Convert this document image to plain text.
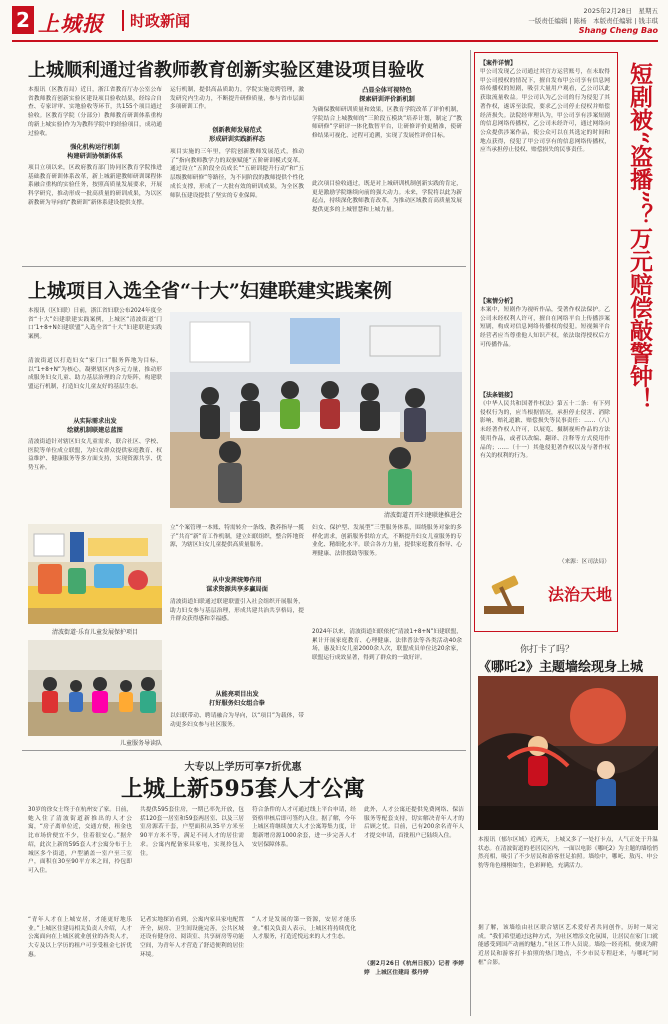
2 上城报	时政新闻
2025年2月28日　星期五
一版责任编辑 | 陈杨　本版责任编辑 | 钱丰琪
Shang Cheng Bao
上城顺利通过省教师教育创新实验区建设项目验收
本报讯（区教育局）近日，浙江省教育厅办公室公布省教师教育创新实验区建设项目验收结果，经综合自查、专家评审、实地验收等环节，共155个项目通过验收。区教育学院（分部分）教师教育研训体系重构的新上城实验)作为为教科学院中的经验项目，成功通过验收。
强化机构运行机制
构建研训协领新体系
项目立项以来，区政府教育部门协同区教育学院推进基础教育研训体系改革，新上城新建教师研训课程体系融合重构的实验任务，按照高质量发展要求，开展科学研究，推动形成一批高质量的研训成果，为以区新教研为导向的“教研训”新体系建设提供支撑。
运行机制，提供高品质助力，学院实施竞聘管理，激发研究内生动力，不断提升研修质量，参与省市层面多项研训工作。
创新教师发展范式
形成研训实践新样态
项目实施的三年里，学院创新教师发展范式，推动了“指向教师教学力的双驱赋能”五阶研训模式变革。通过设立“五阶段全员成长”“五研训提升行动”和“五层级教师研修”等路径，为不同阶段的教师提供个性化成长支撑，形成了一大批有效的研训成果，为全区教师队伍建设提供了坚实的专业保障。
凸显全体可视特色
探索研训评价新机制
为确保教师研训质量和效果，区教育学院改革了评价机制，学院结合上城教师的“三阶段五模块”培养计划，制定了“教师研修”学研评一体化数智平台，让研修评价更精准，使研修结果可视化、过程可追溯，实现了发展性评价目标。
此次项目验收通过，既是对上城研训机制创新实践的肯定，更是激励学院继续向前的强大动力。未来，学院将以此为新起点，持续深化教师教育改革，为推动区域教育高质量发展提供更多的上城智慧和上城力量。
上城项目入选全省“十大”妇建联建实践案例
本报讯（区妇联）日前，浙江省妇联公布2024年度全省“十大”妇建联建实践案例，上城区“清波街道‘门口’1+8+N妇建联盟”入选全省“十大”妇建联建实践案例。
清波街道以打造妇女“家门口”服务阵地为目标，以“1+8+N”为核心，凝聚辖区内多元力量，推动形成服务妇女儿童、助力基层治理的合力矩阵，构建联盟运行机制，打造妇女儿童友好的基层生态。
从实际需求出发
绘就机制联建总蓝图
清波街道针对辖区妇女儿童需求，联合社区、学校、医院等单位成立联盟，为妇女群众提供家庭教育、权益维护、健康服务等多方面支持，实现资源共享、优势互补。
清波街道·乐育儿童发展保护项目
清波街道召开妇建联建推进会
立“个案管理一本账、特需转介一条线、教养指导一揽子”共育“新”育工作机制，建立妇联组织，整合阵地资源，为辖区妇女儿童提供高质量服务。
从中发挥统筹作用
谋求资源共享多赢局面
清波街道妇联通过联建联盟引入社会组织开展服务，助力妇女参与基层治理，形成共建共治共享格局，提升群众获得感和幸福感。
从能亮项目出发
打好服务妇女组合拳
以妇联带动、聘请融合为导向，以“项目”为载体，带动更多妇女参与社区服务。
妇女、保护型、发展型”三型服务体系，围绕服务对象的多样化需求，创新服务供给方式，不断提升妇女儿童服务的专业化、精细化水平。联合各方力量，提供家庭教育指导、心理健康、法律援助等服务。
2024年以来，清波街道妇联依托“清波1+8+N”妇建联盟，累计开展家庭教育、心理健康、法律普法等各类活动40余场，惠及妇女儿童2000余人次，联盟成员单位达20余家，联盟运行成效显著，得到了群众的一致好评。
儿童服务导读队
大专以上学历可享7折优惠
上城上新595套人才公寓
30岁的徐女士终于在杭州安了家。日前，她入住了清波街道新推出的人才公寓，“房子离单位近，交通方便，租金也比市场价便宜不少，住着很安心。”据介绍，此次上新的595套人才公寓分布于上城区多个街道，户型涵盖一室户至三室户，面积在30至90平方米之间，拎包即可入住。
“青年人才在上城安居，才能更好地乐业。”上城区住建局相关负责人介绍，人才公寓面向在上城区就业创业的各类人才，大专及以上学历的租户可享受租金七折优惠。
共提供595套住房，一期已率先开放，包括120套一居室和59套两居室、以及三居室房源若干套，户型面积从35平方米至90平方米不等，满足不同人才的居住需求。公寓内配备家具家电，实现拎包入住。
记者实地探访看到，公寓内家具家电配置齐全，厨房、卫生间设施完善，公共区域还设有健身房、阅读室、共享厨房等功能空间，为青年人才营造了舒适便利的居住环境。
符合条件的人才可通过线上平台申请，经资格审核后即可签约入住。据了解，今年上城区将继续加大人才公寓筹集力度，计划新增房源1000余套，进一步完善人才安居保障体系。
“人才是发展的第一资源，安居才能乐业。”相关负责人表示，上城区将持续优化人才服务，打造近悦远来的人才生态。
此外，人才公寓还提供免费网络、保洁服务等配套支持，切实解决青年人才的后顾之忧。目前，已有200余名青年人才提交申请，首批租户已陆续入住。
（据2月26日《杭州日报》）记者 李婷婷　上城区住建局 蔡丹婷
【案件详情】
甲公司发现乙公司通过其官方运营账号，在未取得甲公司授权的情况下，擅自发布甲公司享有信息网络传播权的短剧，吸引大量用户观看，乙公司以此获取流量收益。甲公司认为乙公司的行为侵犯了其著作权，遂诉至法院，要求乙公司停止侵权并赔偿经济损失。法院经审理认为，甲公司享有涉案短剧的信息网络传播权，乙公司未经许可，通过网络向公众提供涉案作品，使公众可以在其选定的时间和地点获得，侵犯了甲公司享有的信息网络传播权，应当承担停止侵权、赔偿损失的民事责任。
【案情分析】
本案中，短剧作为视听作品，受著作权法保护。乙公司未经权利人许可，擅自在网络平台上传播涉案短剧，构成对信息网络传播权的侵犯。短视频平台经营者应当尊重他人知识产权，依法取得授权后方可传播作品。
【法条链接】
《中华人民共和国著作权法》第五十二条：有下列侵权行为的，应当根据情况，承担停止侵害、消除影响、赔礼道歉、赔偿损失等民事责任：……（八）未经著作权人许可，以展览、摄制视听作品的方法使用作品，或者以改编、翻译、注释等方式使用作品的；……（十一）其他侵犯著作权以及与著作权有关的权利的行为。
（来源：区司法局）
短剧被“盗播”？万元赔偿敲警钟！
法治天地
你打卡了吗？
《哪吒2》主题墙绘现身上城
本报讯（郁尔区域）近两天，上城又多了一处打卡点，人气正处于升温状态。在清波街道的老居民区内，一面以电影《哪吒2》为主题的墙绘悄然亮相，吸引了不少居民和游客驻足拍照。墙绘中，哪吒、敖丙、申公豹等角色栩栩如生，色彩鲜艳，充满活力。
据了解，该墙绘由社区联合辖区艺术爱好者共同创作，历时一周完成。“我们希望通过这种方式，为社区增添文化氛围，让居民在家门口就能感受到国产动画的魅力。”社区工作人员说。墙绘一经亮相，便成为附近居民和游客打卡拍照的热门地点，不少市民专程赶来，与哪吒“同框”合影。
